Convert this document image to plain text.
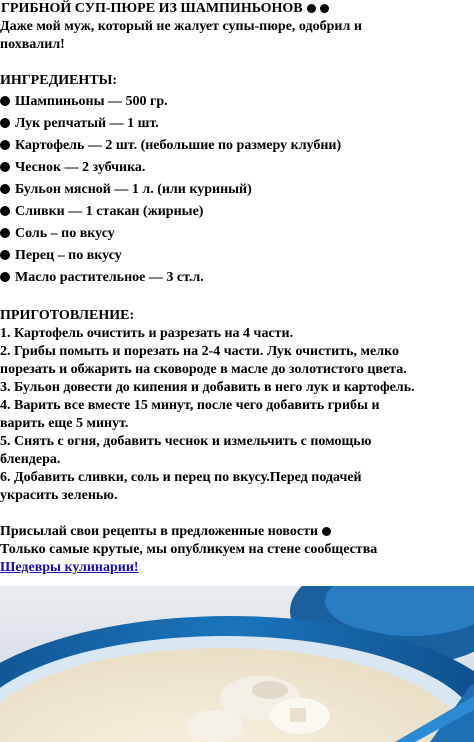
ГРИБНОЙ СУП-ПЮРЕ ИЗ ШАМПИНЬОНОВ
Даже мой муж, который не жалует супы-пюре, одобрил и
похвалил!
ИНГРЕДИЕНТЫ:
Шампиньоны — 500 гр.
Лук репчатый — 1 шт.
Картофель — 2 шт. (небольшие по размеру клубни)
Чеснок — 2 зубчика.
Бульон мясной — 1 л. (или куриный)
Сливки — 1 стакан (жирные)
Соль – по вкусу
Перец – по вкусу
Масло растительное — 3 ст.л.
ПРИГОТОВЛЕНИЕ:
1. Картофель очистить и разрезать на 4 части.
2. Грибы помыть и порезать на 2-4 части. Лук очистить, мелко
порезать и обжарить на сковороде в масле до золотистого цвета.
3. Бульон довести до кипения и добавить в него лук и картофель.
4. Варить все вместе 15 минут, после чего добавить грибы и
варить еще 5 минут.
5. Снять с огня, добавить чеснок и измельчить с помощью
блендера.
6. Добавить сливки, соль и перец по вкусу.Перед подачей
украсить зеленью.
Присылай свои рецепты в предложенные новости
Только самые крутые, мы опубликуем на стене сообщества
Шедевры кулинарии!
